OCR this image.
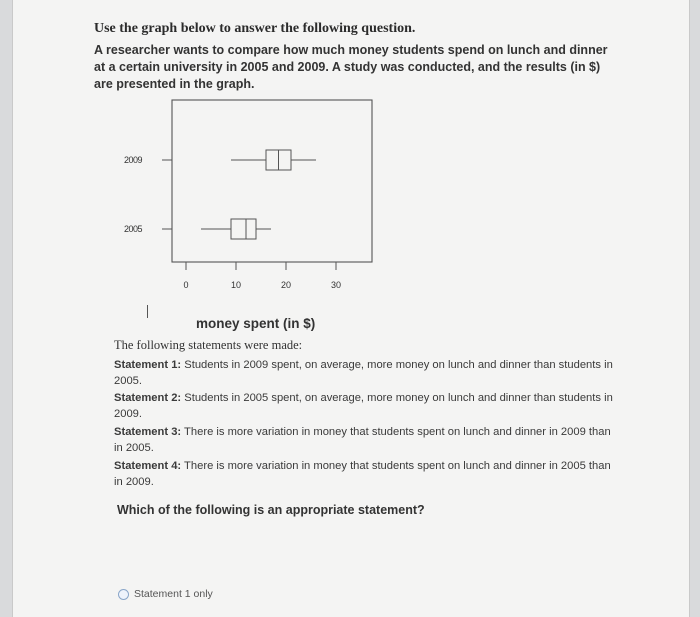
Use the graph below to answer the following question.

A researcher wants to compare how much money students spend on lunch and dinner at a certain university in 2005 and 2009. A study was conducted, and the results (in $) are presented in the graph.

0	10	20	30
2009
2005

money spent (in $)

The following statements were made:

Statement 1: Students in 2009 spent, on average, more money on lunch and dinner than students in 2005.

Statement 2: Students in 2005 spent, on average, more money on lunch and dinner than students in 2009.

Statement 3: There is more variation in money that students spent on lunch and dinner in 2009 than in 2005.

Statement 4: There is more variation in money that students spent on lunch and dinner in 2005 than in 2009.

Which of the following is an appropriate statement?

Statement 1 only
